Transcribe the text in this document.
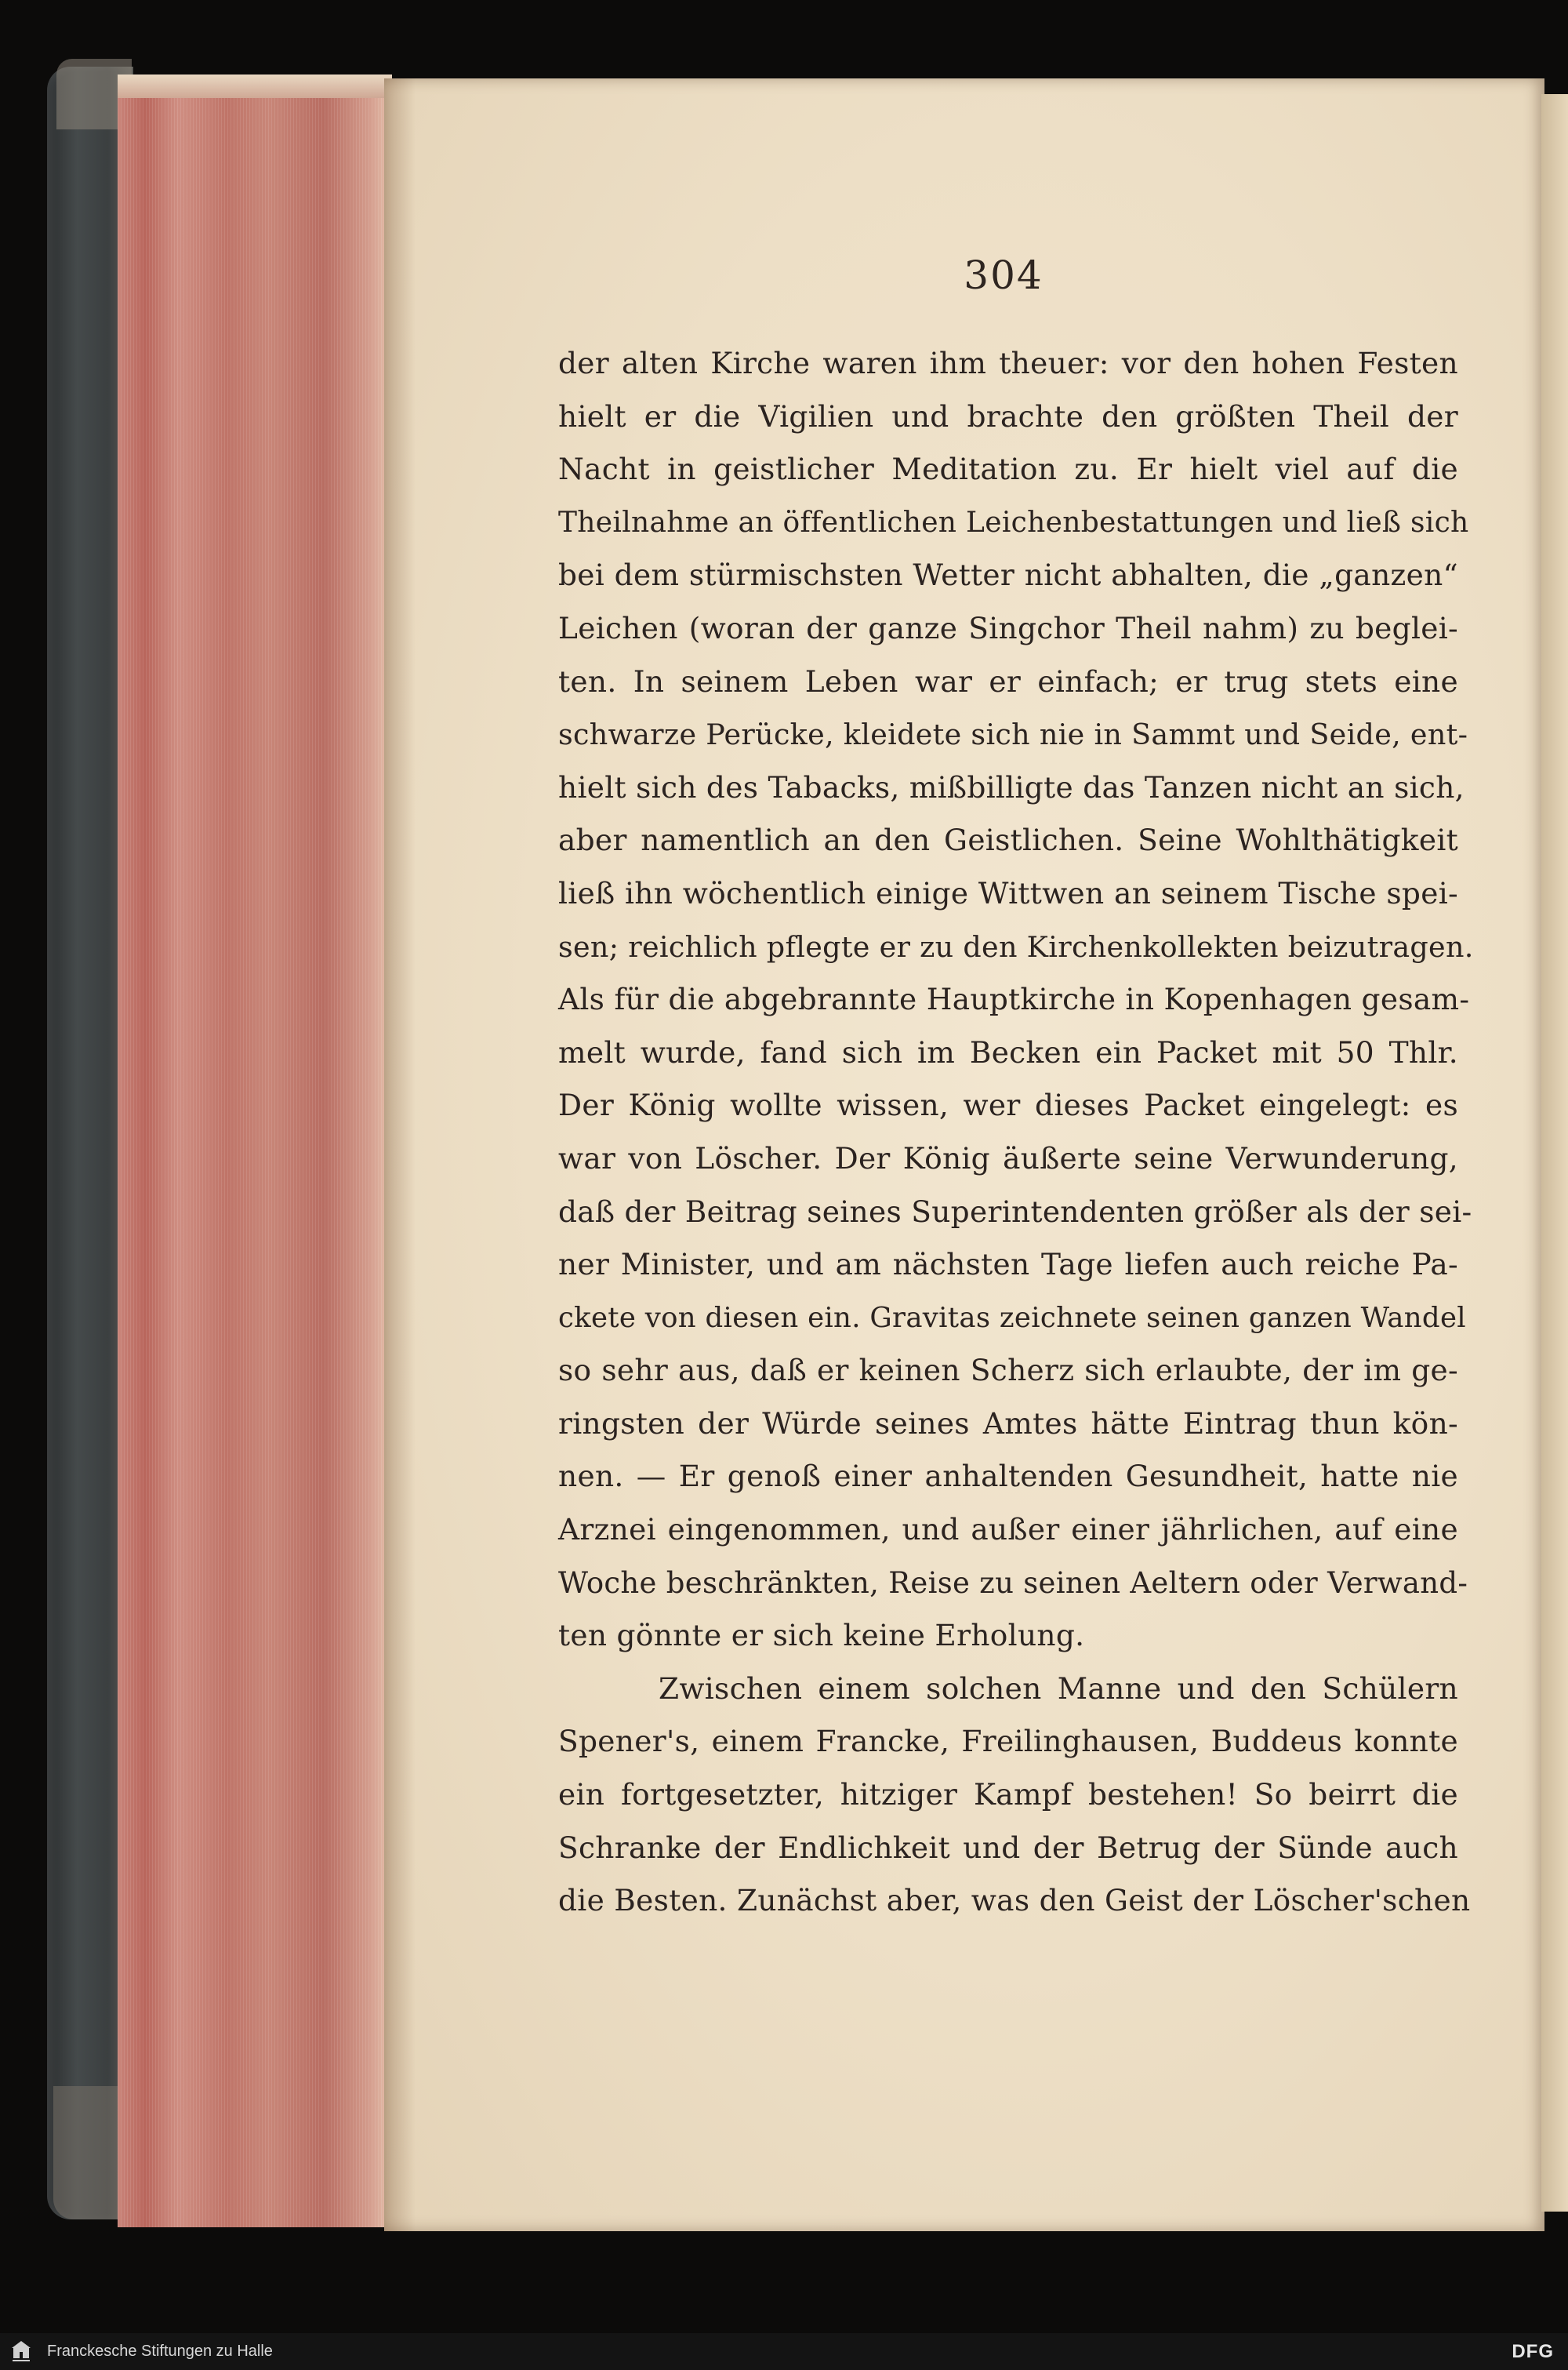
304
der alten Kirche waren ihm theuer: vor den hohen Festen
hielt er die Vigilien und brachte den größten Theil der
Nacht in geistlicher Meditation zu. Er hielt viel auf die
Theilnahme an öffentlichen Leichenbestattungen und ließ sich
bei dem stürmischsten Wetter nicht abhalten, die „ganzen“
Leichen (woran der ganze Singchor Theil nahm) zu beglei-
ten. In seinem Leben war er einfach; er trug stets eine
schwarze Perücke, kleidete sich nie in Sammt und Seide, ent-
hielt sich des Tabacks, mißbilligte das Tanzen nicht an sich,
aber namentlich an den Geistlichen. Seine Wohlthätigkeit
ließ ihn wöchentlich einige Wittwen an seinem Tische spei-
sen; reichlich pflegte er zu den Kirchenkollekten beizutragen.
Als für die abgebrannte Hauptkirche in Kopenhagen gesam-
melt wurde, fand sich im Becken ein Packet mit 50 Thlr.
Der König wollte wissen, wer dieses Packet eingelegt: es
war von Löscher. Der König äußerte seine Verwunderung,
daß der Beitrag seines Superintendenten größer als der sei-
ner Minister, und am nächsten Tage liefen auch reiche Pa-
ckete von diesen ein. Gravitas zeichnete seinen ganzen Wandel
so sehr aus, daß er keinen Scherz sich erlaubte, der im ge-
ringsten der Würde seines Amtes hätte Eintrag thun kön-
nen. — Er genoß einer anhaltenden Gesundheit, hatte nie
Arznei eingenommen, und außer einer jährlichen, auf eine
Woche beschränkten, Reise zu seinen Aeltern oder Verwand-
ten gönnte er sich keine Erholung.
Zwischen einem solchen Manne und den Schülern
Spener's, einem Francke, Freilinghausen, Buddeus konnte
ein fortgesetzter, hitziger Kampf bestehen! So beirrt die
Schranke der Endlichkeit und der Betrug der Sünde auch
die Besten. Zunächst aber, was den Geist der Löscher'schen
Franckesche Stiftungen zu Halle	DFG
